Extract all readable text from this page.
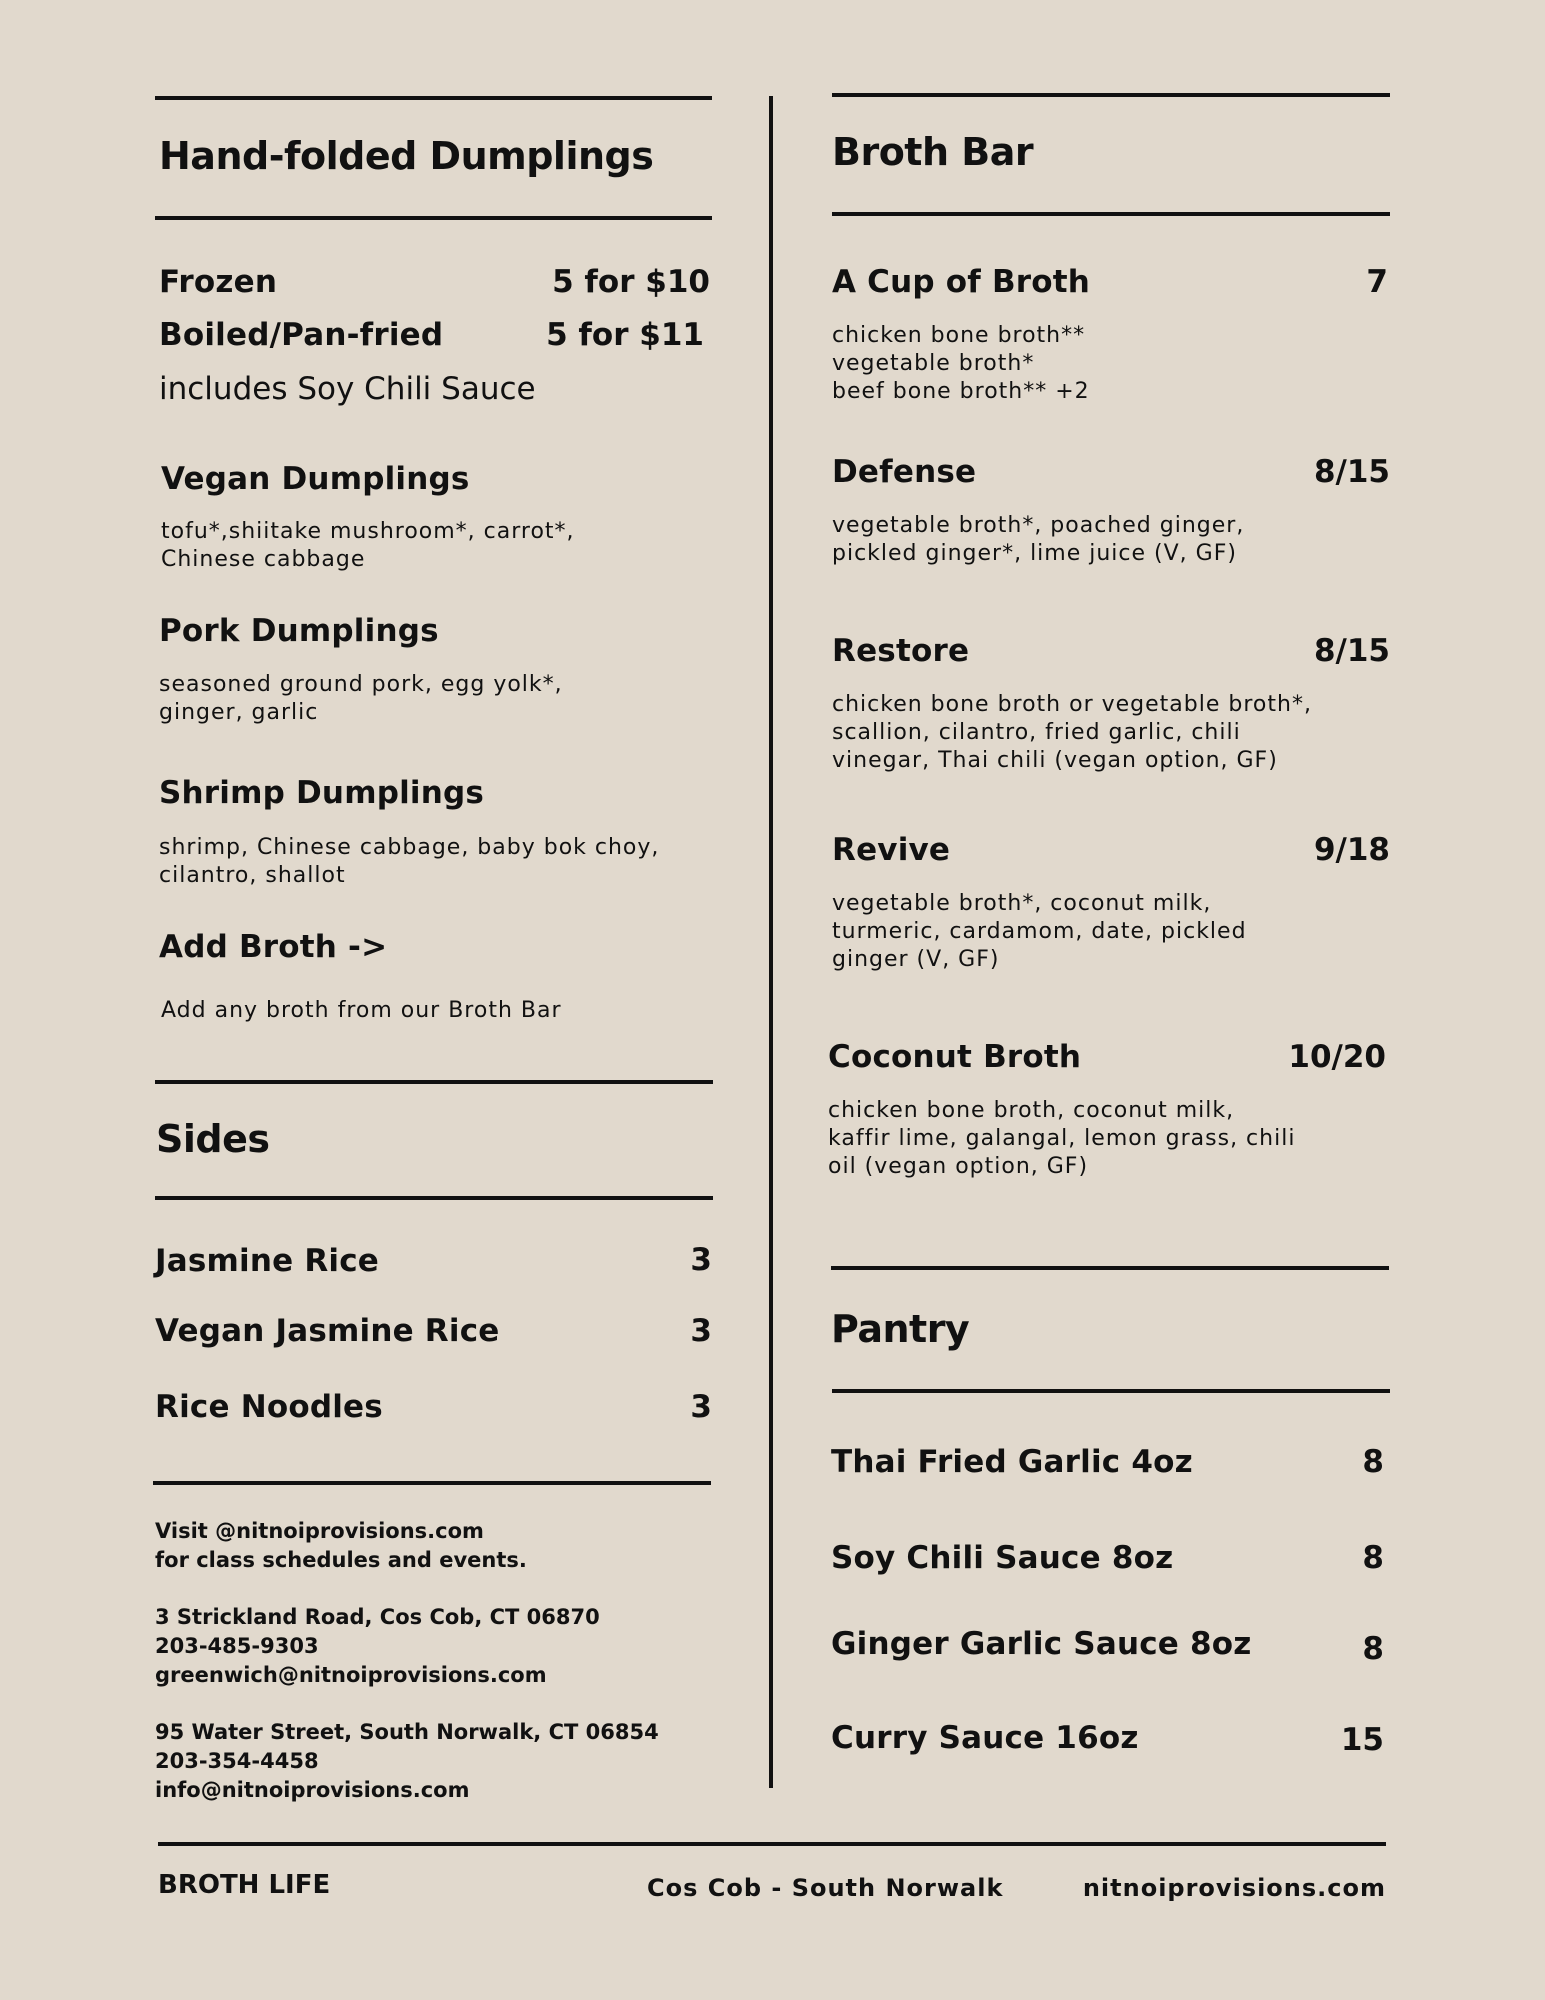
Hand-folded Dumplings
Frozen	5 for $10
Boiled/Pan-fried	5 for $11
includes Soy Chili Sauce
Vegan Dumplings
tofu*,shiitake mushroom*, carrot*,
Chinese cabbage
Pork Dumplings
seasoned ground pork, egg yolk*,
ginger, garlic
Shrimp Dumplings
shrimp, Chinese cabbage, baby bok choy,
cilantro, shallot
Add Broth ->
Add any broth from our Broth Bar
Sides
Jasmine Rice	3
Vegan Jasmine Rice	3
Rice Noodles	3
Visit @nitnoiprovisions.com
for class schedules and events.
3 Strickland Road, Cos Cob, CT 06870
203-485-9303
greenwich@nitnoiprovisions.com
95 Water Street, South Norwalk, CT 06854
203-354-4458
info@nitnoiprovisions.com
Broth Bar
A Cup of Broth	7
chicken bone broth**
vegetable broth*
beef bone broth** +2
Defense	8/15
vegetable broth*, poached ginger,
pickled ginger*, lime juice (V, GF)
Restore	8/15
chicken bone broth or vegetable broth*,
scallion, cilantro, fried garlic, chili
vinegar, Thai chili (vegan option, GF)
Revive	9/18
vegetable broth*, coconut milk,
turmeric, cardamom, date, pickled
ginger (V, GF)
Coconut Broth	10/20
chicken bone broth, coconut milk,
kaffir lime, galangal, lemon grass, chili
oil (vegan option, GF)
Pantry
Thai Fried Garlic 4oz	8
Soy Chili Sauce 8oz	8
Ginger Garlic Sauce 8oz	8
Curry Sauce 16oz	15
BROTH LIFE	Cos Cob - South Norwalk	nitnoiprovisions.com
